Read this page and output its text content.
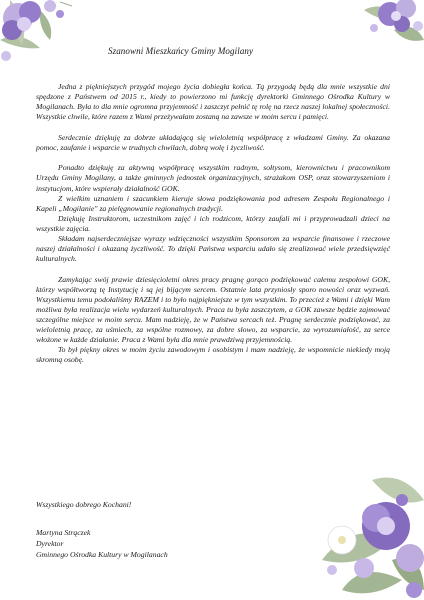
Szanowni Mieszkańcy Gminy Mogilany

Jedna z piękniejszych przygód mojego życia dobiegła końca. Tą przygodą będą dla mnie wszystkie dni spędzone z Państwem od 2015 r., kiedy to powierzono mi funkcję dyrektorki Gminnego Ośrodka Kultury w Mogilanach. Była to dla mnie ogromna przyjemność i zaszczyt pełnić tę rolę na rzecz naszej lokalnej społeczności. Wszystkie chwile, które razem z Wami przeżywałam zostaną na zawsze w moim sercu i pamięci.

Serdecznie dziękuję za dobrze układającą się wieloletnią współpracę z władzami Gminy. Za okazana pomoc, zaufanie i wsparcie w trudnych chwilach, dobrą wolę i życzliwość.

Ponadto dziękuję za aktywną współpracę wszystkim radnym, sołtysom, kierownictwu i pracownikom Urzędu Gminy Mogilany, a także gminnych jednostek organizacyjnych, strażakom OSP, oraz stowarzyszeniom i instytucjom, które wspierały działalność GOK.

Z wielkim uznaniem i szacunkiem kieruje słowa podziękowania pod adresem Zespołu Regionalnego i Kapeli „Mogilanie" za pielęgnowanie regionalnych tradycji.

Dziękuję Instruktorom, uczestnikom zajęć i ich rodzicom, którzy zaufali mi i przyprowadzali dzieci na wszystkie zajęcia.

Składam najserdeczniejsze wyrazy wdzięczności wszystkim Sponsorom za wsparcie finansowe i rzeczowe naszej działalności i okazaną życzliwość. To dzięki Państwa wsparciu udało się zrealizować wiele przedsięwzięć kulturalnych.

Zamykając swój prawie dziesięcioletni okres pracy pragnę gorąco podziękować całemu zespołowi GOK, którzy współtworzą tę Instytucję i są jej bijącym sercem. Ostatnie lata przyniosły sporo nowości oraz wyzwań. Wszystkiemu temu podołaliśmy RAZEM i to było najpiękniejsze w tym wszystkim. To przecież z Wami i dzięki Wam możliwa była realizacja wielu wydarzeń kulturalnych. Praca tu była zaszczytem, a GOK zawsze będzie zajmować szczególne miejsce w moim sercu. Mam nadzieję, że w Państwa sercach też. Pragnę serdecznie podziękować, za wieloletnią pracę, za uśmiech, za wspólne rozmowy, za dobre słowo, za wsparcie, za wyrozumiałość, za serce włożone w każde działanie. Praca z Wami była dla mnie prawdziwą przyjemnością.

To był piękny okres w moim życiu zawodowym i osobistym i mam nadzieję, że wspomnicie niekiedy moją skromną osobę.

Wszystkiego dobrego Kochani!
Martyna Strączek
Dyrektor
Gminnego Ośrodka Kultury w Mogilanach
